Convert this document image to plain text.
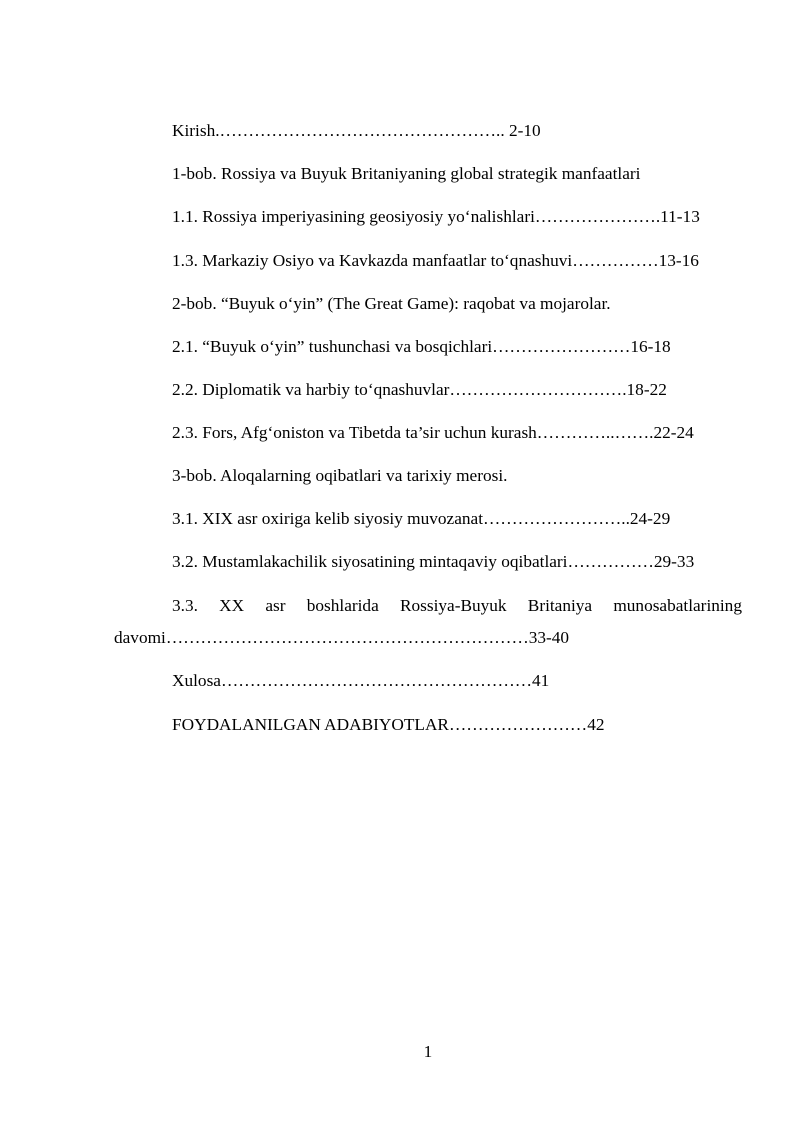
Kirish.………………………………………….. 2-10
1-bob. Rossiya va Buyuk Britaniyaning global strategik manfaatlari
1.1. Rossiya imperiyasining geosiyosiy yo‘nalishlari………………….11-13
1.3. Markaziy Osiyo va Kavkazda manfaatlar to‘qnashuvi……………13-16
2-bob. “Buyuk o‘yin” (The Great Game): raqobat va mojarolar.
2.1. “Buyuk o‘yin” tushunchasi va bosqichlari……………………16-18
2.2. Diplomatik va harbiy to‘qnashuvlar………………………….18-22
2.3. Fors, Afg‘oniston va Tibetda ta’sir uchun kurash…………..…….22-24
3-bob. Aloqalarning oqibatlari va tarixiy merosi.
3.1. XIX asr oxiriga kelib siyosiy muvozanat……………………..24-29
3.2. Mustamlakachilik siyosatining mintaqaviy oqibatlari……………29-33
3.3. XX asr boshlarida Rossiya-Buyuk Britaniya munosabatlarining
davomi………………………………………………………33-40
Xulosa………………………………………………41
FOYDALANILGAN ADABIYOTLAR……………………42
1
